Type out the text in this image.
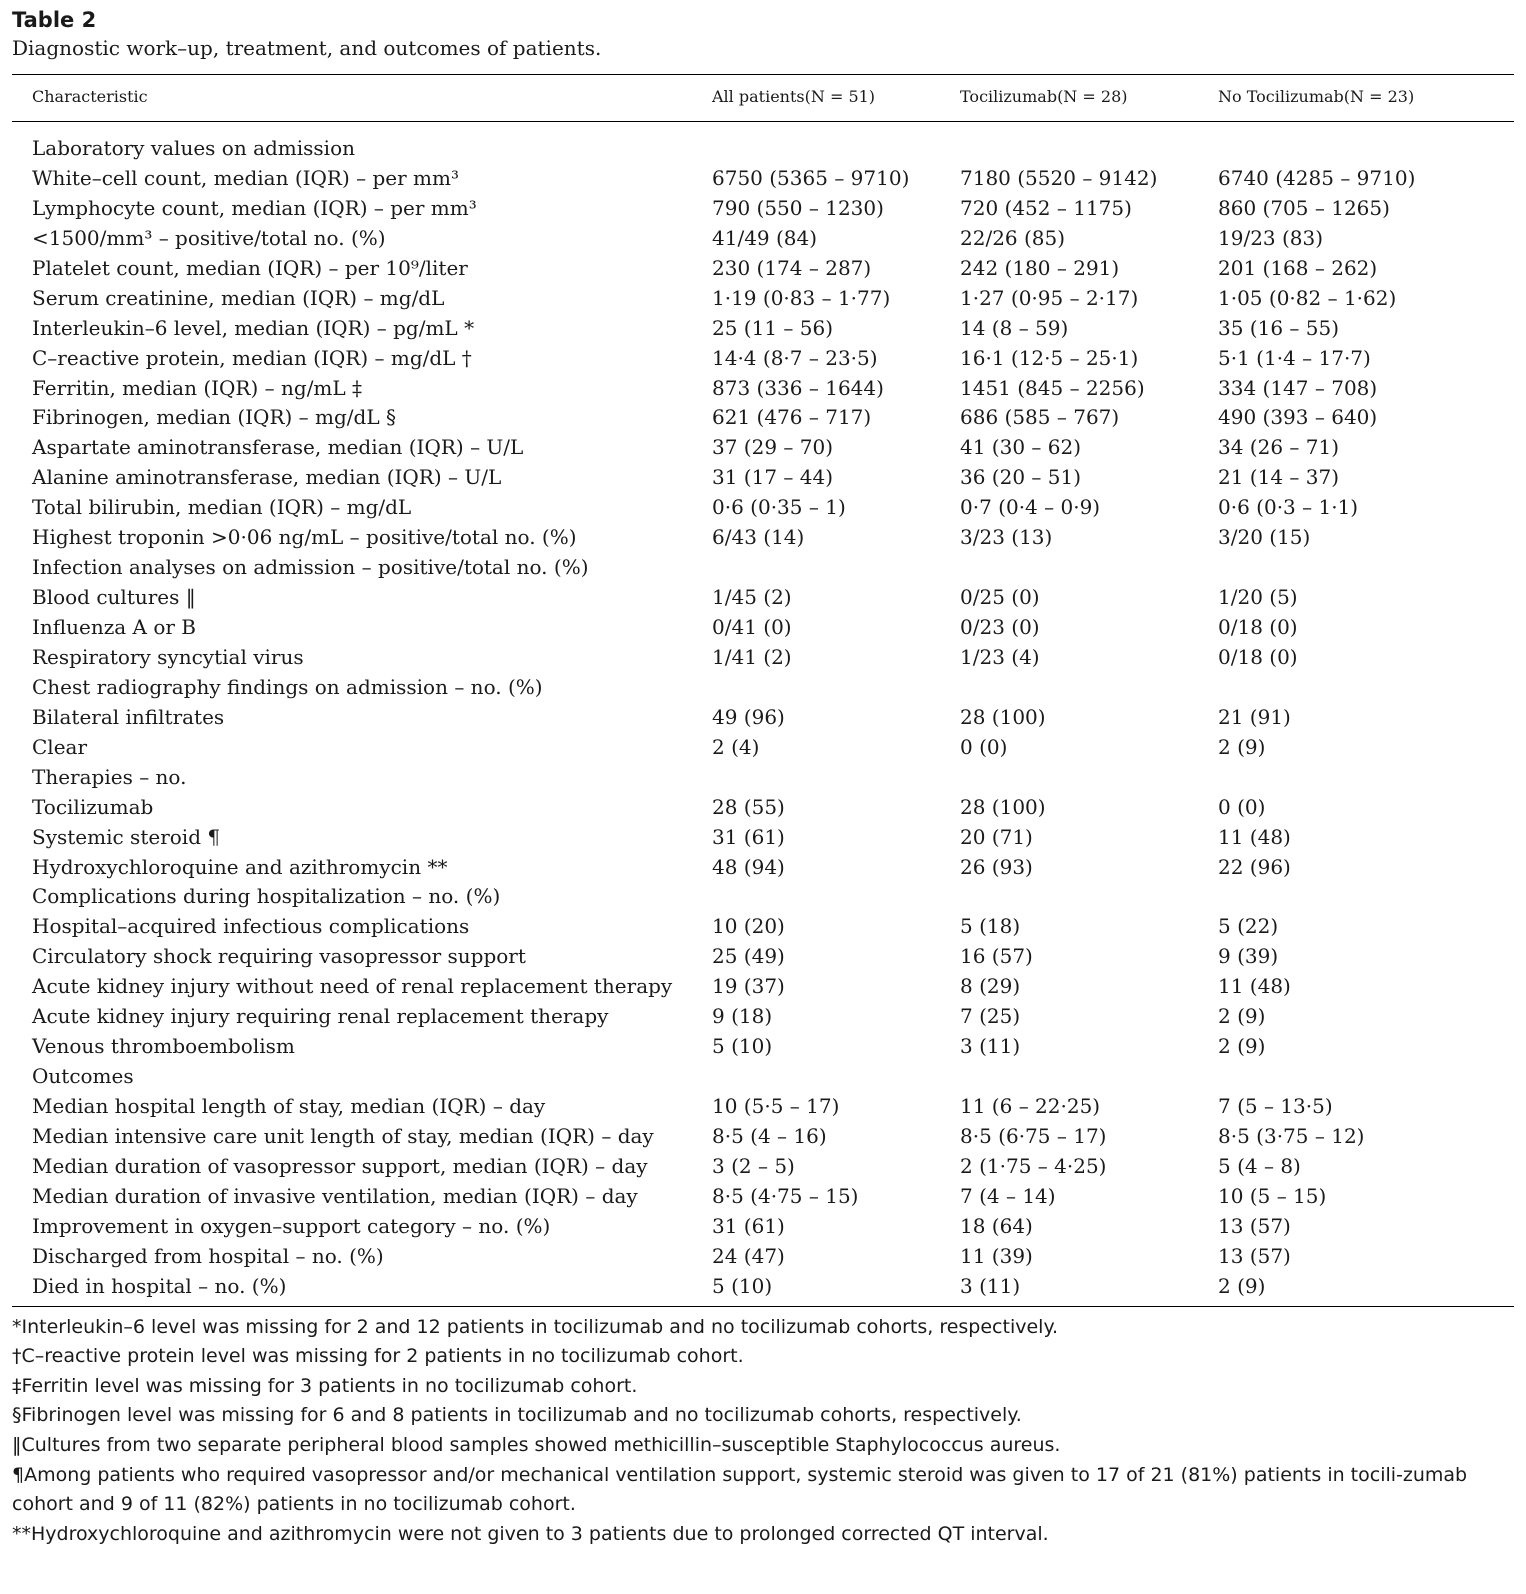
Table 2
Diagnostic work–up, treatment, and outcomes of patients.
Characteristic	All patients(N = 51)	Tocilizumab(N = 28)	No Tocilizumab(N = 23)
Laboratory values on admission
White–cell count, median (IQR) – per mm³	6750 (5365 – 9710)	7180 (5520 – 9142)	6740 (4285 – 9710)
Lymphocyte count, median (IQR) – per mm³	790 (550 – 1230)	720 (452 – 1175)	860 (705 – 1265)
<1500/mm³ – positive/total no. (%)	41/49 (84)	22/26 (85)	19/23 (83)
Platelet count, median (IQR) – per 10⁹/liter	230 (174 – 287)	242 (180 – 291)	201 (168 – 262)
Serum creatinine, median (IQR) – mg/dL	1·19 (0·83 – 1·77)	1·27 (0·95 – 2·17)	1·05 (0·82 – 1·62)
Interleukin–6 level, median (IQR) – pg/mL *	25 (11 – 56)	14 (8 – 59)	35 (16 – 55)
C–reactive protein, median (IQR) – mg/dL †	14·4 (8·7 – 23·5)	16·1 (12·5 – 25·1)	5·1 (1·4 – 17·7)
Ferritin, median (IQR) – ng/mL ‡	873 (336 – 1644)	1451 (845 – 2256)	334 (147 – 708)
Fibrinogen, median (IQR) – mg/dL §	621 (476 – 717)	686 (585 – 767)	490 (393 – 640)
Aspartate aminotransferase, median (IQR) – U/L	37 (29 – 70)	41 (30 – 62)	34 (26 – 71)
Alanine aminotransferase, median (IQR) – U/L	31 (17 – 44)	36 (20 – 51)	21 (14 – 37)
Total bilirubin, median (IQR) – mg/dL	0·6 (0·35 – 1)	0·7 (0·4 – 0·9)	0·6 (0·3 – 1·1)
Highest troponin >0·06 ng/mL – positive/total no. (%)	6/43 (14)	3/23 (13)	3/20 (15)
Infection analyses on admission – positive/total no. (%)
Blood cultures ‖	1/45 (2)	0/25 (0)	1/20 (5)
Influenza A or B	0/41 (0)	0/23 (0)	0/18 (0)
Respiratory syncytial virus	1/41 (2)	1/23 (4)	0/18 (0)
Chest radiography findings on admission – no. (%)
Bilateral infiltrates	49 (96)	28 (100)	21 (91)
Clear	2 (4)	0 (0)	2 (9)
Therapies – no.
Tocilizumab	28 (55)	28 (100)	0 (0)
Systemic steroid ¶	31 (61)	20 (71)	11 (48)
Hydroxychloroquine and azithromycin **	48 (94)	26 (93)	22 (96)
Complications during hospitalization – no. (%)
Hospital–acquired infectious complications	10 (20)	5 (18)	5 (22)
Circulatory shock requiring vasopressor support	25 (49)	16 (57)	9 (39)
Acute kidney injury without need of renal replacement therapy 19 (37)	8 (29)	11 (48)
Acute kidney injury requiring renal replacement therapy	9 (18)	7 (25)	2 (9)
Venous thromboembolism	5 (10)	3 (11)	2 (9)
Outcomes
Median hospital length of stay, median (IQR) – day	10 (5·5 – 17)	11 (6 – 22·25)	7 (5 – 13·5)
Median intensive care unit length of stay, median (IQR) – day	8·5 (4 – 16)	8·5 (6·75 – 17)	8·5 (3·75 – 12)
Median duration of vasopressor support, median (IQR) – day	3 (2 – 5)	2 (1·75 – 4·25)	5 (4 – 8)
Median duration of invasive ventilation, median (IQR) – day	8·5 (4·75 – 15)	7 (4 – 14)	10 (5 – 15)
Improvement in oxygen–support category – no. (%)	31 (61)	18 (64)	13 (57)
Discharged from hospital – no. (%)	24 (47)	11 (39)	13 (57)
Died in hospital – no. (%)	5 (10)	3 (11)	2 (9)
*Interleukin–6 level was missing for 2 and 12 patients in tocilizumab and no tocilizumab cohorts, respectively.
†C–reactive protein level was missing for 2 patients in no tocilizumab cohort.
‡Ferritin level was missing for 3 patients in no tocilizumab cohort.
§Fibrinogen level was missing for 6 and 8 patients in tocilizumab and no tocilizumab cohorts, respectively.
‖Cultures from two separate peripheral blood samples showed methicillin–susceptible Staphylococcus aureus.
¶Among patients who required vasopressor and/or mechanical ventilation support, systemic steroid was given to 17 of 21 (81%) patients in tocili-zumab cohort and 9 of 11 (82%) patients in no tocilizumab cohort.
**Hydroxychloroquine and azithromycin were not given to 3 patients due to prolonged corrected QT interval.
